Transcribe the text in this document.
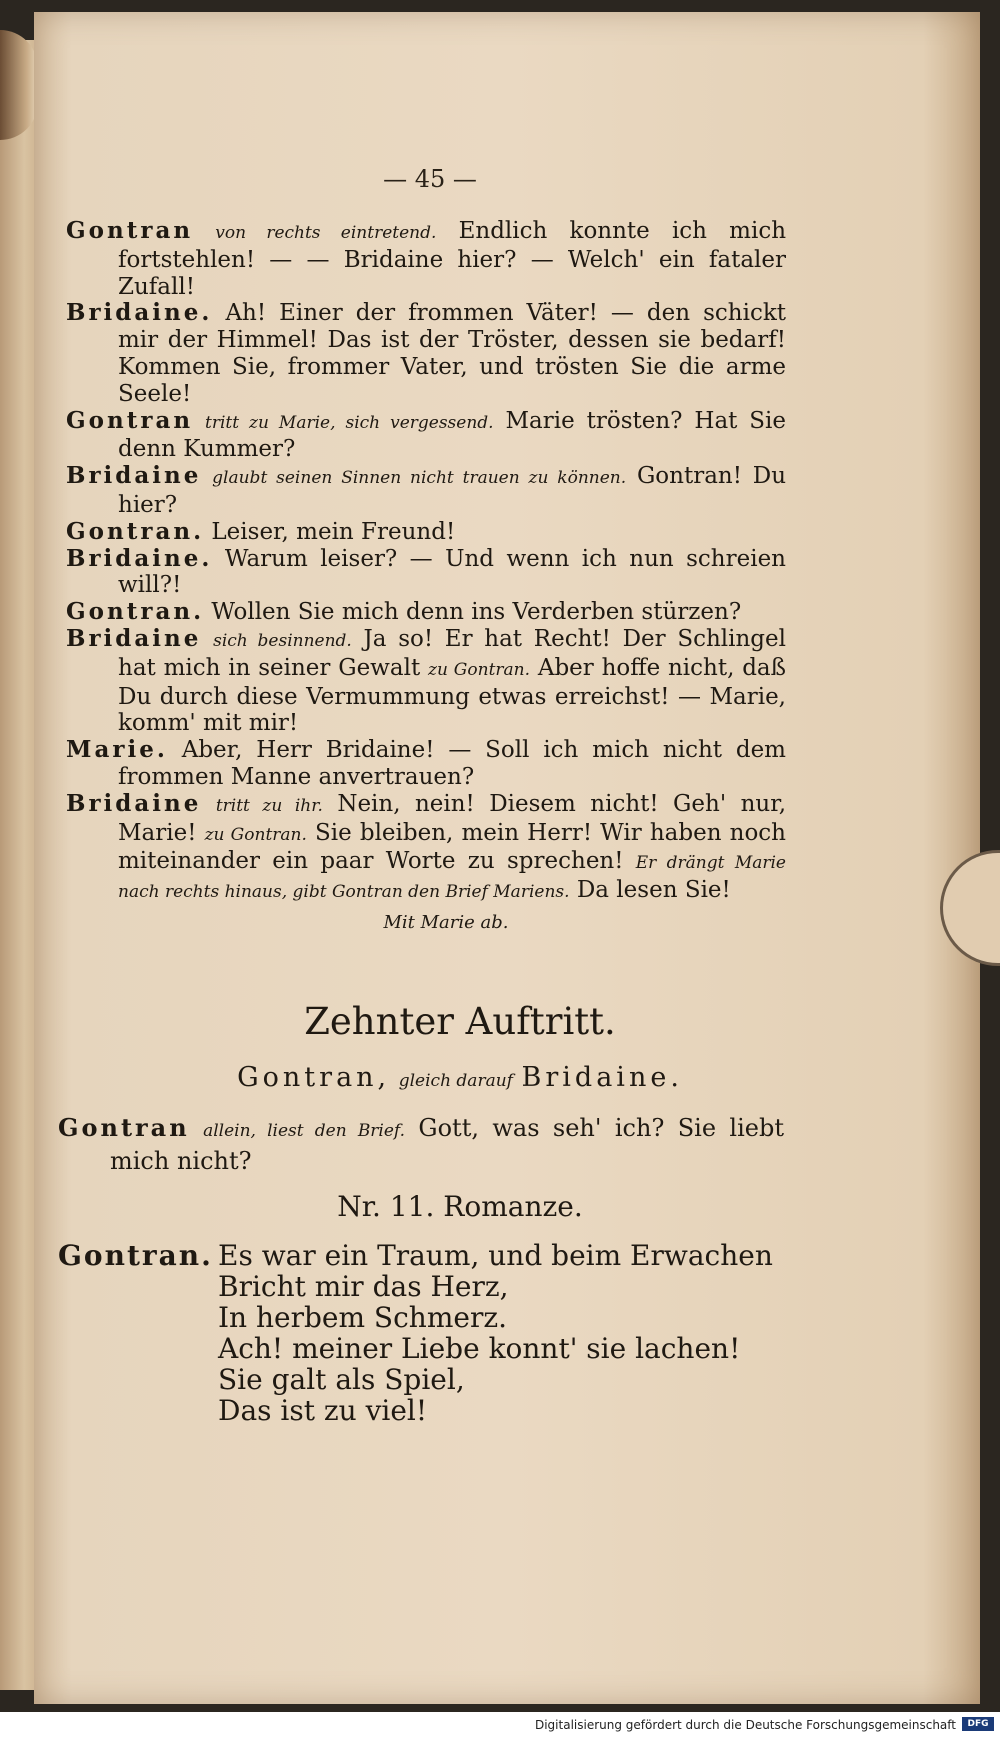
— 45 —

Gontran von rechts eintretend. Endlich konnte ich mich fortstehlen! — — Bridaine hier? — Welch' ein fataler Zufall!

Bridaine. Ah! Einer der frommen Väter! — den schickt mir der Himmel! Das ist der Tröster, dessen sie bedarf! Kommen Sie, frommer Vater, und trösten Sie die arme Seele!

Gontran tritt zu Marie, sich vergessend. Marie trösten? Hat Sie denn Kummer?

Bridaine glaubt seinen Sinnen nicht trauen zu können. Gontran! Du hier?

Gontran. Leiser, mein Freund!

Bridaine. Warum leiser? — Und wenn ich nun schreien will?!

Gontran. Wollen Sie mich denn ins Verderben stürzen?

Bridaine sich besinnend. Ja so! Er hat Recht! Der Schlingel hat mich in seiner Gewalt zu Gontran. Aber hoffe nicht, daß Du durch diese Vermummung etwas erreichst! — Marie, komm' mit mir!

Marie. Aber, Herr Bridaine! — Soll ich mich nicht dem frommen Manne anvertrauen?

Bridaine tritt zu ihr. Nein, nein! Diesem nicht! Geh' nur, Marie! zu Gontran. Sie bleiben, mein Herr! Wir haben noch miteinander ein paar Worte zu sprechen! Er drängt Marie nach rechts hinaus, gibt Gontran den Brief Mariens. Da lesen Sie!

Mit Marie ab.

Zehnter Auftritt.
Gontran, gleich darauf Bridaine.

Gontran allein, liest den Brief. Gott, was seh' ich? Sie liebt mich nicht?

Nr. 11. Romanze.
Gontran. Es war ein Traum, und beim Erwachen
Bricht mir das Herz,
In herbem Schmerz.
Ach! meiner Liebe konnt' sie lachen!
Sie galt als Spiel,
Das ist zu viel!
Digitalisierung gefördert durch die Deutsche Forschungsgemeinschaft	DFG
